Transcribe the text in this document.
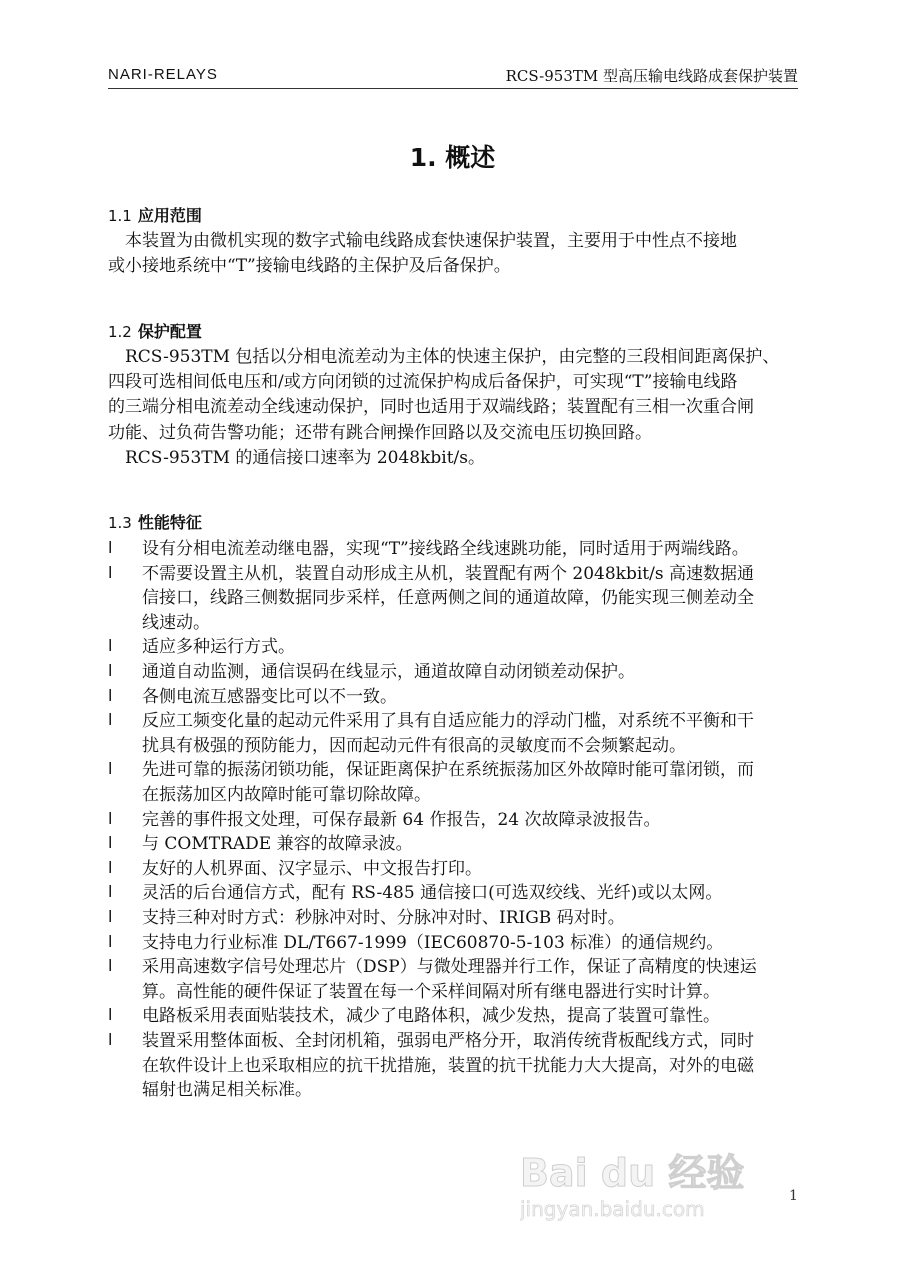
NARI-RELAYS	RCS-953TM 型高压输电线路成套保护装置
1. 概述
1.1 应用范围
　本装置为由微机实现的数字式输电线路成套快速保护装置，主要用于中性点不接地
或小接地系统中“T”接输电线路的主保护及后备保护。
1.2 保护配置
　RCS-953TM 包括以分相电流差动为主体的快速主保护，由完整的三段相间距离保护、
四段可选相间低电压和/或方向闭锁的过流保护构成后备保护，可实现“T”接输电线路
的三端分相电流差动全线速动保护，同时也适用于双端线路；装置配有三相一次重合闸
功能、过负荷告警功能；还带有跳合闸操作回路以及交流电压切换回路。
　RCS-953TM 的通信接口速率为 2048kbit/s。
1.3 性能特征
l 设有分相电流差动继电器，实现“T”接线路全线速跳功能，同时适用于两端线路。
l 不需要设置主从机，装置自动形成主从机，装置配有两个 2048kbit/s 高速数据通
信接口，线路三侧数据同步采样，任意两侧之间的通道故障，仍能实现三侧差动全
线速动。
l 适应多种运行方式。
l 通道自动监测，通信误码在线显示，通道故障自动闭锁差动保护。
l 各侧电流互感器变比可以不一致。
l 反应工频变化量的起动元件采用了具有自适应能力的浮动门槛，对系统不平衡和干
扰具有极强的预防能力，因而起动元件有很高的灵敏度而不会频繁起动。
l 先进可靠的振荡闭锁功能，保证距离保护在系统振荡加区外故障时能可靠闭锁，而
在振荡加区内故障时能可靠切除故障。
l 完善的事件报文处理，可保存最新 64 作报告，24 次故障录波报告。
l 与 COMTRADE 兼容的故障录波。
l 友好的人机界面、汉字显示、中文报告打印。
l 灵活的后台通信方式，配有 RS-485 通信接口(可选双绞线、光纤)或以太网。
l 支持三种对时方式：秒脉冲对时、分脉冲对时、IRIGB 码对时。
l 支持电力行业标准 DL/T667-1999（IEC60870-5-103 标准）的通信规约。
l 采用高速数字信号处理芯片（DSP）与微处理器并行工作，保证了高精度的快速运
算。高性能的硬件保证了装置在每一个采样间隔对所有继电器进行实时计算。
l 电路板采用表面贴装技术，减少了电路体积，减少发热，提高了装置可靠性。
l 装置采用整体面板、全封闭机箱，强弱电严格分开，取消传统背板配线方式，同时
在软件设计上也采取相应的抗干扰措施，装置的抗干扰能力大大提高，对外的电磁
辐射也满足相关标准。
Bai du 经验
jingyan.baidu.com
1
